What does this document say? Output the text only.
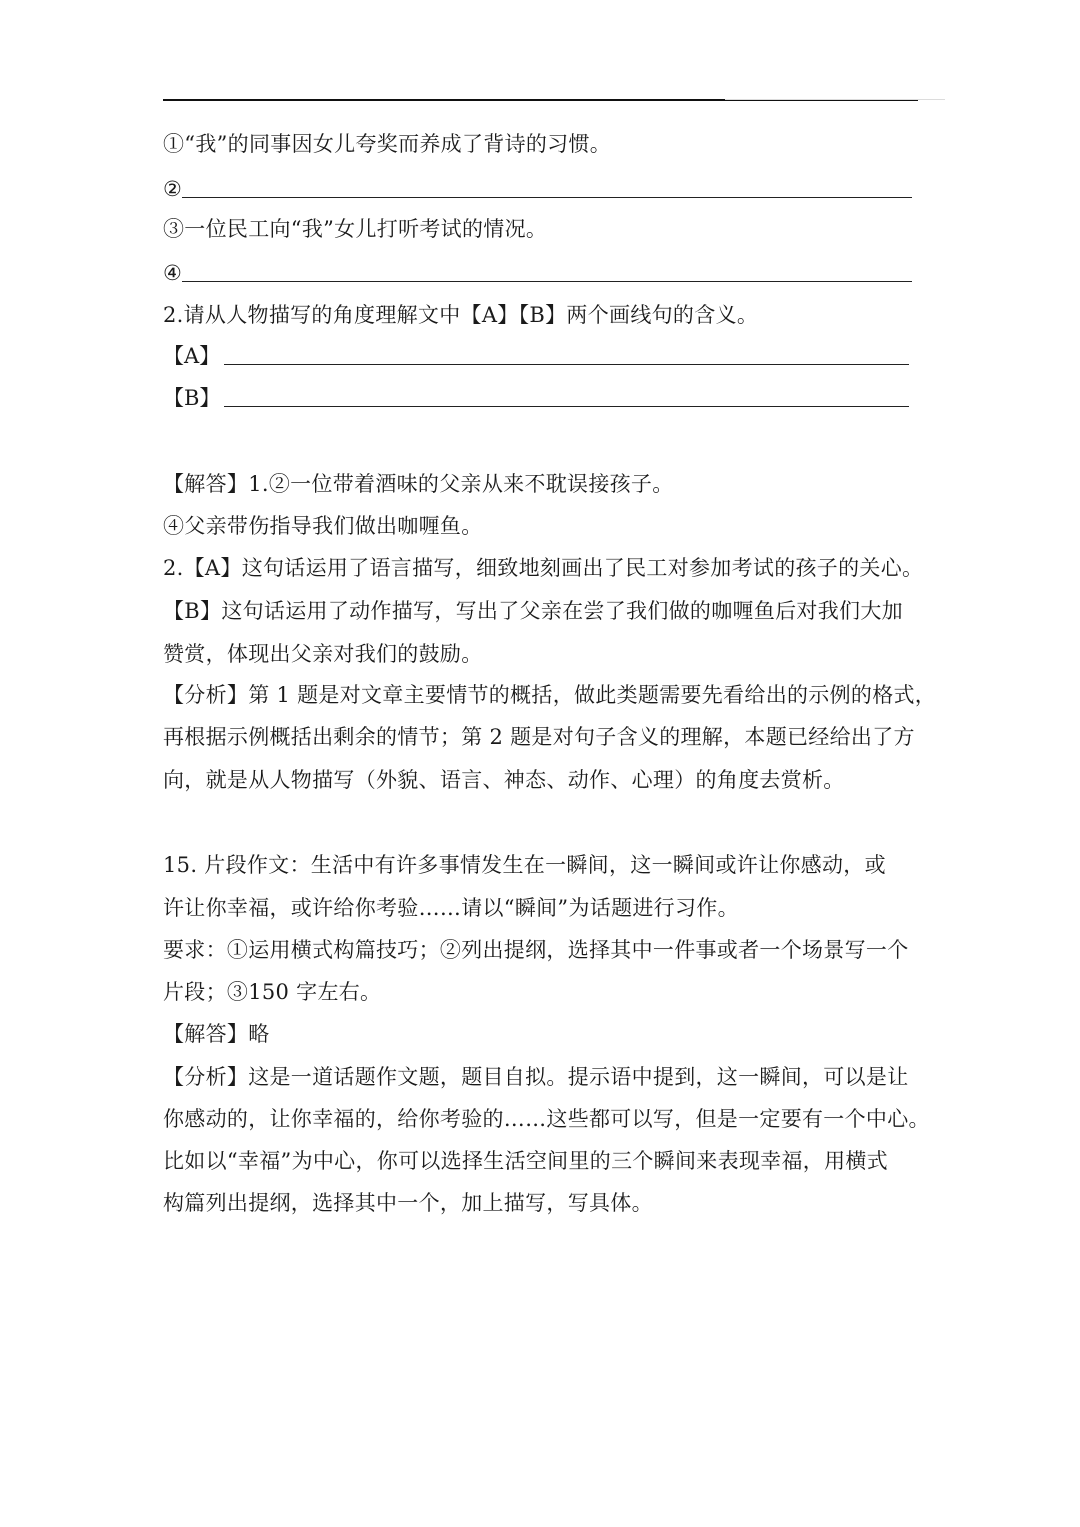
①“我”的同事因女儿夸奖而养成了背诗的习惯。
②
③一位民工向“我”女儿打听考试的情况。
④
2.请从人物描写的角度理解文中【A】【B】两个画线句的含义。
【A】
【B】
【解答】1.②一位带着酒味的父亲从来不耽误接孩子。
④父亲带伤指导我们做出咖喱鱼。
2.【A】这句话运用了语言描写，细致地刻画出了民工对参加考试的孩子的关心。
【B】这句话运用了动作描写，写出了父亲在尝了我们做的咖喱鱼后对我们大加
赞赏，体现出父亲对我们的鼓励。
【分析】第 1 题是对文章主要情节的概括，做此类题需要先看给出的示例的格式，
再根据示例概括出剩余的情节；第 2 题是对句子含义的理解，本题已经给出了方
向，就是从人物描写（外貌、语言、神态、动作、心理）的角度去赏析。
15. 片段作文：生活中有许多事情发生在一瞬间，这一瞬间或许让你感动，或
许让你幸福，或许给你考验……请以“瞬间”为话题进行习作。
要求：①运用横式构篇技巧；②列出提纲，选择其中一件事或者一个场景写一个
片段；③150 字左右。
【解答】略
【分析】这是一道话题作文题，题目自拟。提示语中提到，这一瞬间，可以是让
你感动的，让你幸福的，给你考验的……这些都可以写，但是一定要有一个中心。
比如以“幸福”为中心，你可以选择生活空间里的三个瞬间来表现幸福，用横式
构篇列出提纲，选择其中一个，加上描写，写具体。
